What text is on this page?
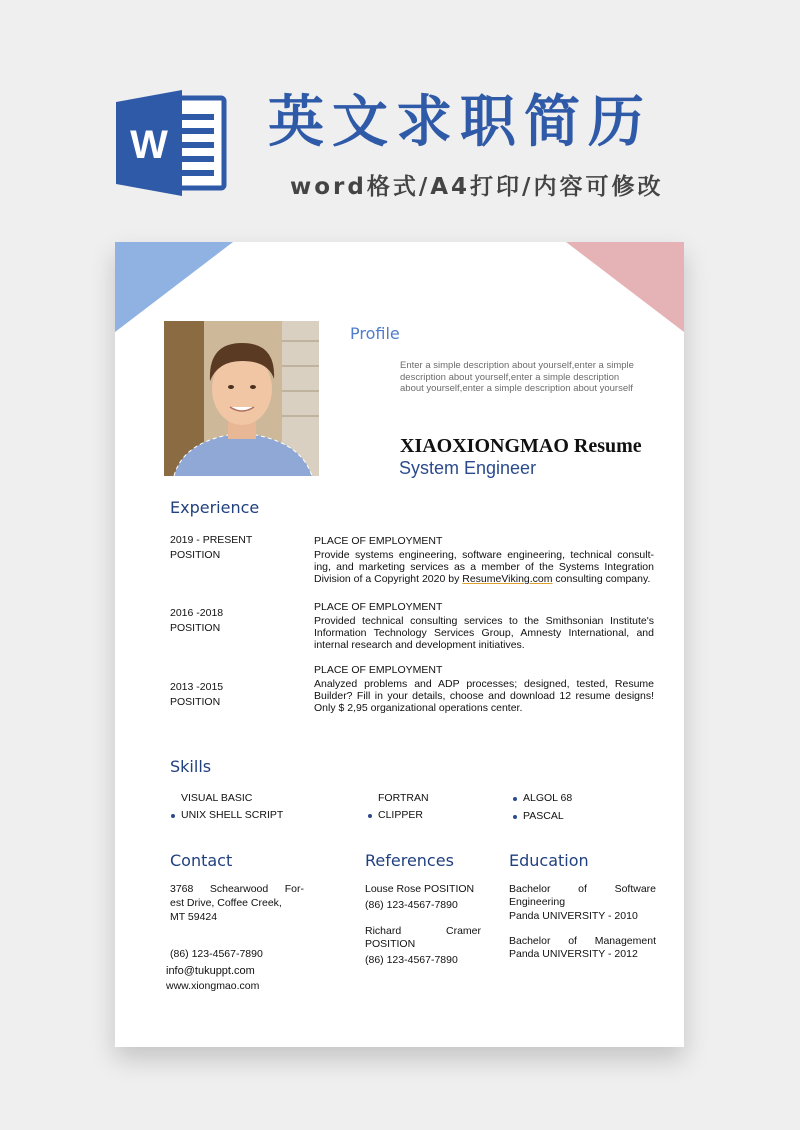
W 英文求职简历
word格式/A4打印/内容可修改
Profile
Enter a simple description about yourself,enter a simple description about yourself,enter a simple description about yourself,enter a simple description about yourself
XIAOXIONGMAO Resume
System Engineer
Experience
2019 - PRESENT
POSITION
PLACE OF EMPLOYMENT
Provide systems engineering, software engineering, technical consult- ing, and marketing services as a member of the Systems Integration Division of a Copyright 2020 by ResumeViking.com consulting company.
2016 -2018
POSITION
PLACE OF EMPLOYMENT
Provided technical consulting services to the Smithsonian Institute's Information Technology Services Group, Amnesty International, and internal research and development initiatives.
2013 -2015
POSITION
PLACE OF EMPLOYMENT
Analyzed problems and ADP processes; designed, tested, Resume Builder? Fill in your details, choose and download 12 resume designs! Only $ 2,95 organizational operations center.
Skills
VISUAL BASIC
UNIX SHELL SCRIPT
FORTRAN
CLIPPER
ALGOL 68
PASCAL
Contact
3768 Schearwood For-
est Drive, Coffee Creek,
MT 59424
(86) 123-4567-7890
info@tukuppt.com
www.xiongmao.com
References
Louse Rose POSITION
(86) 123-4567-7890
Richard Cramer
POSITION
(86) 123-4567-7890
Education
Bachelor of Software
Engineering
Panda UNIVERSITY - 2010
Bachelor of Management
Panda UNIVERSITY - 2012
